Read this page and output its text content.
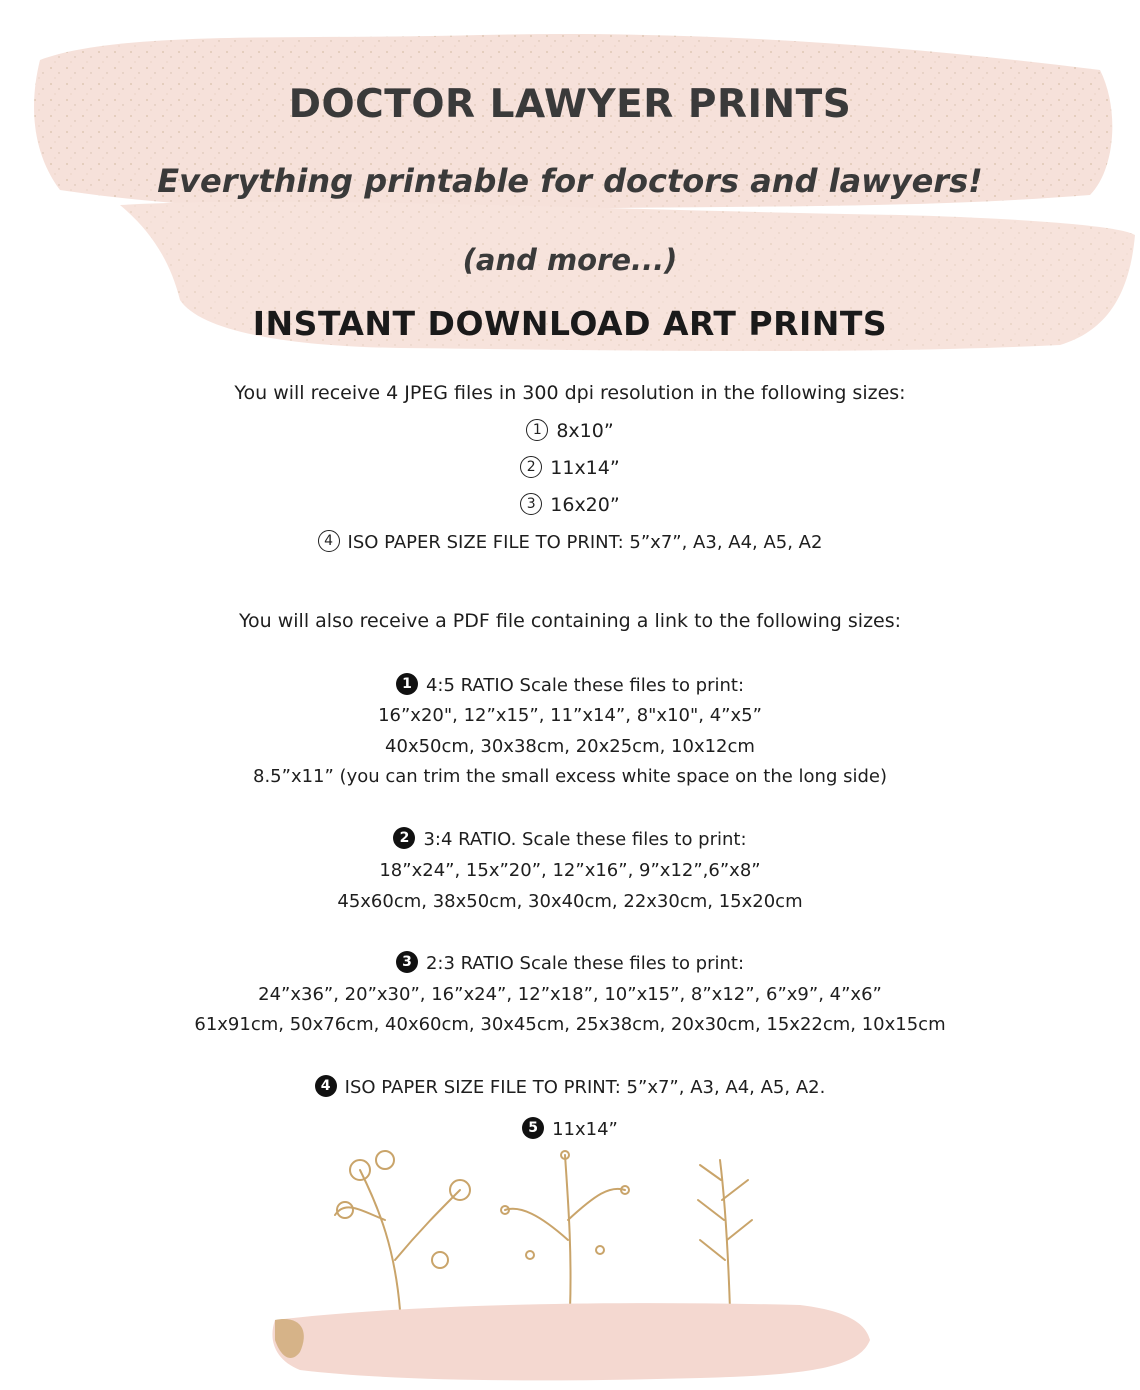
DOCTOR LAWYER PRINTS
Everything printable for doctors and lawyers!
(and more...)
INSTANT DOWNLOAD ART PRINTS
You will receive 4 JPEG files in 300 dpi resolution in the following sizes:
1 8x10”
2 11x14”
3 16x20”
4 ISO PAPER SIZE FILE TO PRINT: 5”x7”, A3, A4, A5, A2
You will also receive a PDF file containing a link to the following sizes:
1 4:5 RATIO Scale these files to print:
16”x20", 12”x15”, 11”x14”, 8"x10", 4”x5”
40x50cm, 30x38cm, 20x25cm, 10x12cm
8.5”x11” (you can trim the small excess white space on the long side)
2 3:4 RATIO. Scale these files to print:
18”x24”, 15x”20”, 12”x16”, 9”x12”,6”x8”
45x60cm, 38x50cm, 30x40cm, 22x30cm, 15x20cm
3 2:3 RATIO Scale these files to print:
24”x36”, 20”x30”, 16”x24”, 12”x18”, 10”x15”, 8”x12”, 6”x9”, 4”x6”
61x91cm, 50x76cm, 40x60cm, 30x45cm, 25x38cm, 20x30cm, 15x22cm, 10x15cm
4 ISO PAPER SIZE FILE TO PRINT: 5”x7”, A3, A4, A5, A2.
5 11x14”
